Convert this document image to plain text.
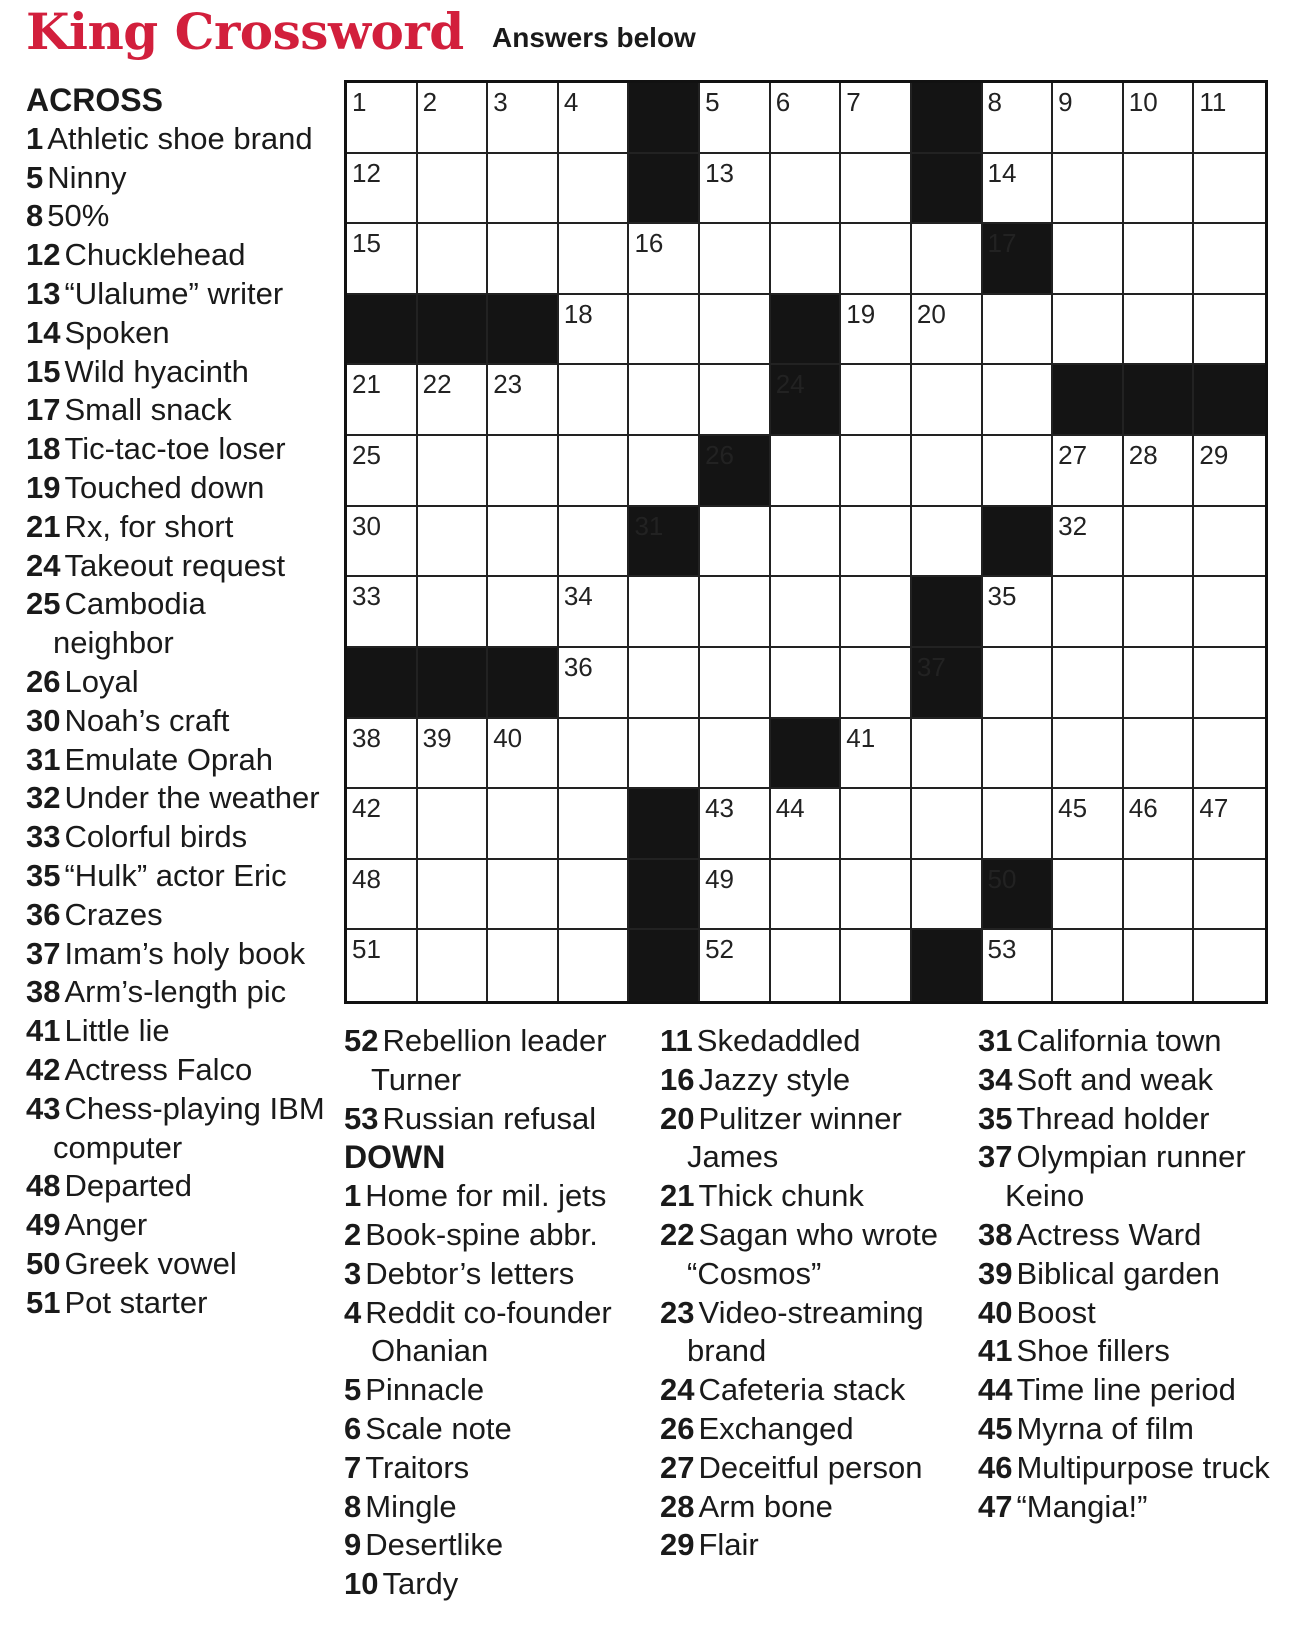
King Crossword Answers below
1 2 3 4	5 6 7	8 9 10 11
12	13	14
15	16	17
18	19 20
21 22 23	24
25	26	27 28 29
30	31	32
33	34	35
36	37
38 39 40	41
42	43 44	45 46 47
48	49	50
51	52	53
ACROSS
1 Athletic shoe brand
5 Ninny
8 50%
12 Chucklehead
13 “Ulalume” writer
14 Spoken
15 Wild hyacinth
17 Small snack
18 Tic-tac-toe loser
19 Touched down
21 Rx, for short
24 Takeout request
25 Cambodia neighbor
26 Loyal
30 Noah’s craft
31 Emulate Oprah
32 Under the weather
33 Colorful birds
35 “Hulk” actor Eric
36 Crazes
37 Imam’s holy book
38 Arm’s-length pic
41 Little lie
42 Actress Falco
43 Chess-playing IBM computer
48 Departed
49 Anger
50 Greek vowel
51 Pot starter
52 Rebellion leader Turner
53 Russian refusal
DOWN
1 Home for mil. jets
2 Book-spine abbr.
3 Debtor’s letters
4 Reddit co-founder Ohanian
5 Pinnacle
6 Scale note
7 Traitors
8 Mingle
9 Desertlike
10 Tardy
11 Skedaddled
16 Jazzy style
20 Pulitzer winner James
21 Thick chunk
22 Sagan who wrote “Cosmos”
23 Video-streaming brand
24 Cafeteria stack
26 Exchanged
27 Deceitful person
28 Arm bone
29 Flair
31 California town
34 Soft and weak
35 Thread holder
37 Olympian runner Keino
38 Actress Ward
39 Biblical garden
40 Boost
41 Shoe fillers
44 Time line period
45 Myrna of film
46 Multipurpose truck
47 “Mangia!”
